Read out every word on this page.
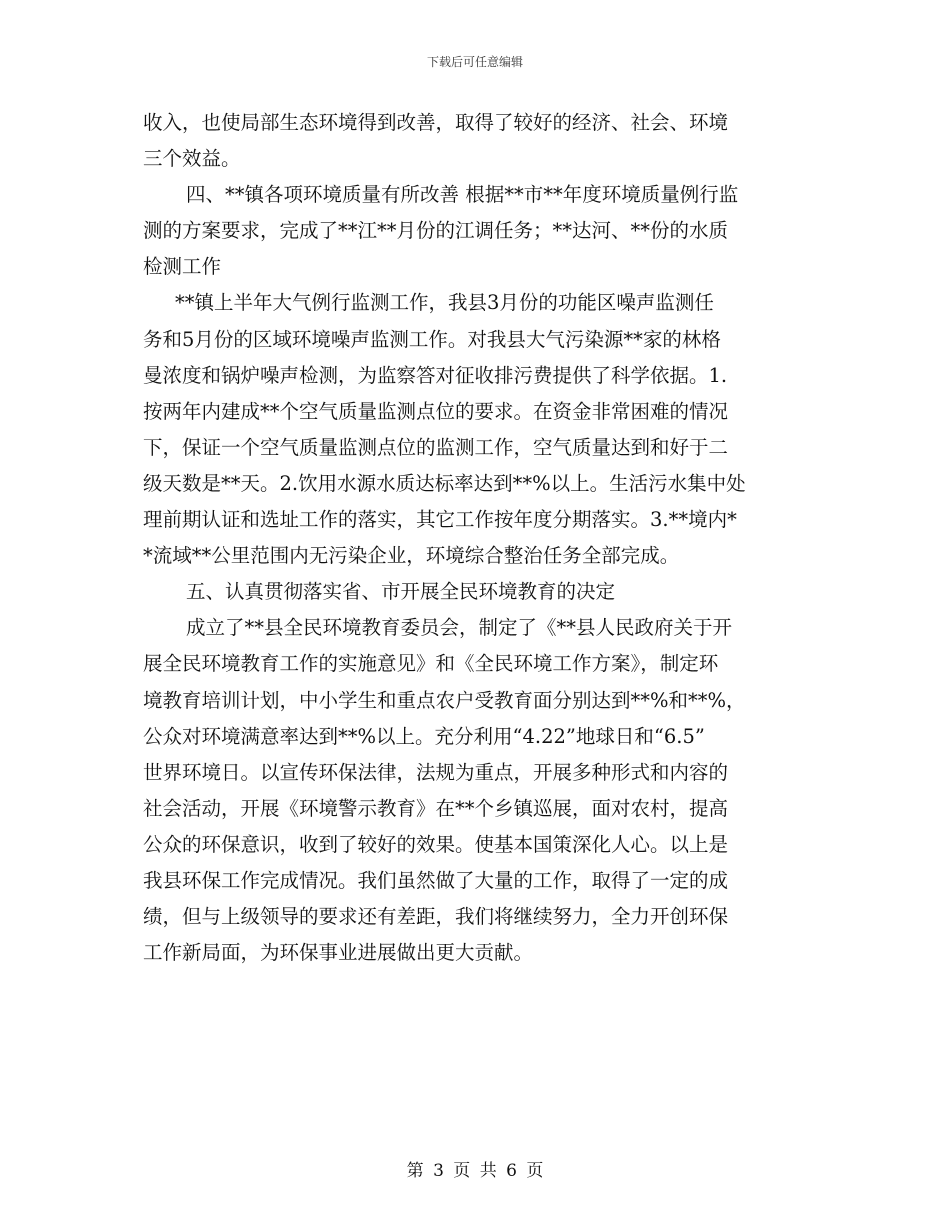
下载后可任意编辑
收入，也使局部生态环境得到改善，取得了较好的经济、社会、环境
三个效益。
四、**镇各项环境质量有所改善 根据**市**年度环境质量例行监
测的方案要求，完成了**江**月份的江调任务；**达河、**份的水质
检测工作
**镇上半年大气例行监测工作，我县3月份的功能区噪声监测任
务和5月份的区域环境噪声监测工作。对我县大气污染源**家的林格
曼浓度和锅炉噪声检测，为监察答对征收排污费提供了科学依据。1.
按两年内建成**个空气质量监测点位的要求。在资金非常困难的情况
下，保证一个空气质量监测点位的监测工作，空气质量达到和好于二
级天数是**天。2.饮用水源水质达标率达到**%以上。生活污水集中处
理前期认证和选址工作的落实，其它工作按年度分期落实。3.**境内*
*流域**公里范围内无污染企业，环境综合整治任务全部完成。
五、认真贯彻落实省、市开展全民环境教育的决定
成立了**县全民环境教育委员会，制定了《**县人民政府关于开
展全民环境教育工作的实施意见》和《全民环境工作方案》，制定环
境教育培训计划，中小学生和重点农户受教育面分别达到**%和**%，
公众对环境满意率达到**%以上。充分利用“4.22”地球日和“6.5”
世界环境日。以宣传环保法律，法规为重点，开展多种形式和内容的
社会活动，开展《环境警示教育》在**个乡镇巡展，面对农村，提高
公众的环保意识，收到了较好的效果。使基本国策深化人心。以上是
我县环保工作完成情况。我们虽然做了大量的工作，取得了一定的成
绩，但与上级领导的要求还有差距，我们将继续努力，全力开创环保
工作新局面，为环保事业进展做出更大贡献。
第 3 页 共 6 页
